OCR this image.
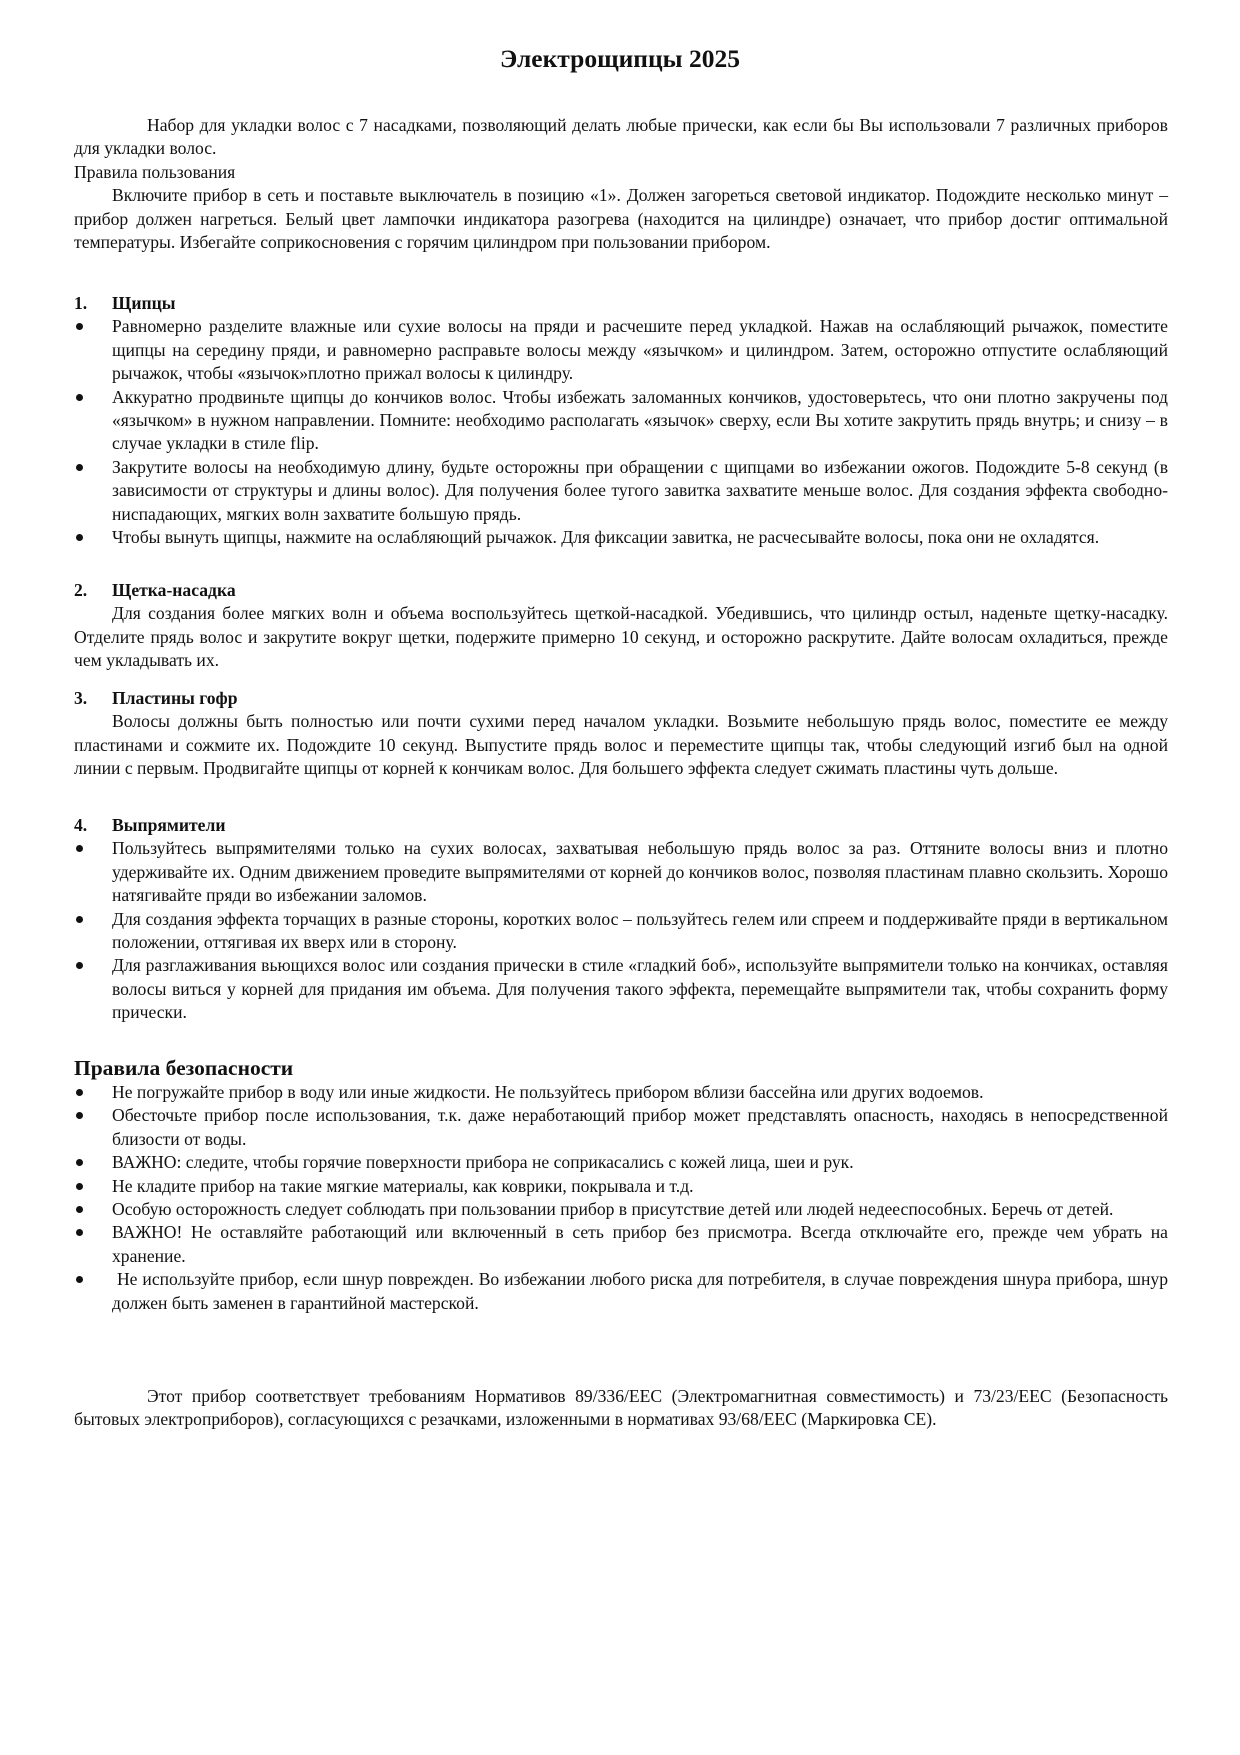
Электрощипцы 2025

Набор для укладки волос с 7 насадками, позволяющий делать любые прически, как если бы Вы использовали 7 различных приборов для укладки волос.

Правила пользования

Включите прибор в сеть и поставьте выключатель в позицию «1». Должен загореться световой индикатор. Подождите несколько минут – прибор должен нагреться. Белый цвет лампочки индикатора разогрева (находится на цилиндре) означает, что прибор достиг оптимальной температуры. Избегайте соприкосновения с горячим цилиндром при пользовании прибором.

1.	Щипцы

Равномерно разделите влажные или сухие волосы на пряди и расчешите перед укладкой. Нажав на ослабляющий рычажок, поместите щипцы на середину пряди, и равномерно расправьте волосы между «язычком» и цилиндром. Затем, осторожно отпустите ослабляющий рычажок, чтобы «язычок»плотно прижал волосы к цилиндру.
Аккуратно продвиньте щипцы до кончиков волос. Чтобы избежать заломанных кончиков, удостоверьтесь, что они плотно закручены под «язычком» в нужном направлении. Помните: необходимо располагать «язычок» сверху, если Вы хотите закрутить прядь внутрь; и снизу – в случае укладки в стиле flip.
Закрутите волосы на необходимую длину, будьте осторожны при обращении с щипцами во избежании ожогов. Подождите 5-8 секунд (в зависимости от структуры и длины волос). Для получения более тугого завитка захватите меньше волос. Для создания эффекта свободно-ниспадающих, мягких волн захватите большую прядь.
Чтобы вынуть щипцы, нажмите на ослабляющий рычажок. Для фиксации завитка, не расчесывайте волосы, пока они не охладятся.

2.	Щетка-насадка

Для создания более мягких волн и объема воспользуйтесь щеткой-насадкой. Убедившись, что цилиндр остыл, наденьте щетку-насадку. Отделите прядь волос и закрутите вокруг щетки, подержите примерно 10 секунд, и осторожно раскрутите. Дайте волосам охладиться, прежде чем укладывать их.

3.	Пластины гофр

Волосы должны быть полностью или почти сухими перед началом укладки. Возьмите небольшую прядь волос, поместите ее между пластинами и сожмите их. Подождите 10 секунд. Выпустите прядь волос и переместите щипцы так, чтобы следующий изгиб был на одной линии с первым. Продвигайте щипцы от корней к кончикам волос. Для большего эффекта следует сжимать пластины чуть дольше.

4.	Выпрямители

Пользуйтесь выпрямителями только на сухих волосах, захватывая небольшую прядь волос за раз. Оттяните волосы вниз и плотно удерживайте их. Одним движением проведите выпрямителями от корней до кончиков волос, позволяя пластинам плавно скользить. Хорошо натягивайте пряди во избежании заломов.
Для создания эффекта торчащих в разные стороны, коротких волос – пользуйтесь гелем или спреем и поддерживайте пряди в вертикальном положении, оттягивая их вверх или в сторону.
Для разглаживания вьющихся волос или создания прически в стиле «гладкий боб», используйте выпрямители только на кончиках, оставляя волосы виться у корней для придания им объема. Для получения такого эффекта, перемещайте выпрямители так, чтобы сохранить форму прически.

Правила безопасности

Не погружайте прибор в воду или иные жидкости. Не пользуйтесь прибором вблизи бассейна или других водоемов.
Обесточьте прибор после использования, т.к. даже неработающий прибор может представлять опасность, находясь в непосредственной близости от воды.
ВАЖНО: следите, чтобы горячие поверхности прибора не соприкасались с кожей лица, шеи и рук.
Не кладите прибор на такие мягкие материалы, как коврики, покрывала и т.д.
Особую осторожность следует соблюдать при пользовании прибор в присутствие детей или людей недееспособных. Беречь от детей.
ВАЖНО! Не оставляйте работающий или включенный в сеть прибор без присмотра. Всегда отключайте его, прежде чем убрать на хранение.
Не используйте прибор, если шнур поврежден. Во избежании любого риска для потребителя, в случае повреждения шнура прибора, шнур должен быть заменен в гарантийной мастерской.

Этот прибор соответствует требованиям Нормативов 89/336/ЕЕС (Электромагнитная совместимость) и 73/23/ЕЕС (Безопасность бытовых электроприборов), согласующихся с резачками, изложенными в нормативах 93/68/ЕЕС (Маркировка СЕ).
